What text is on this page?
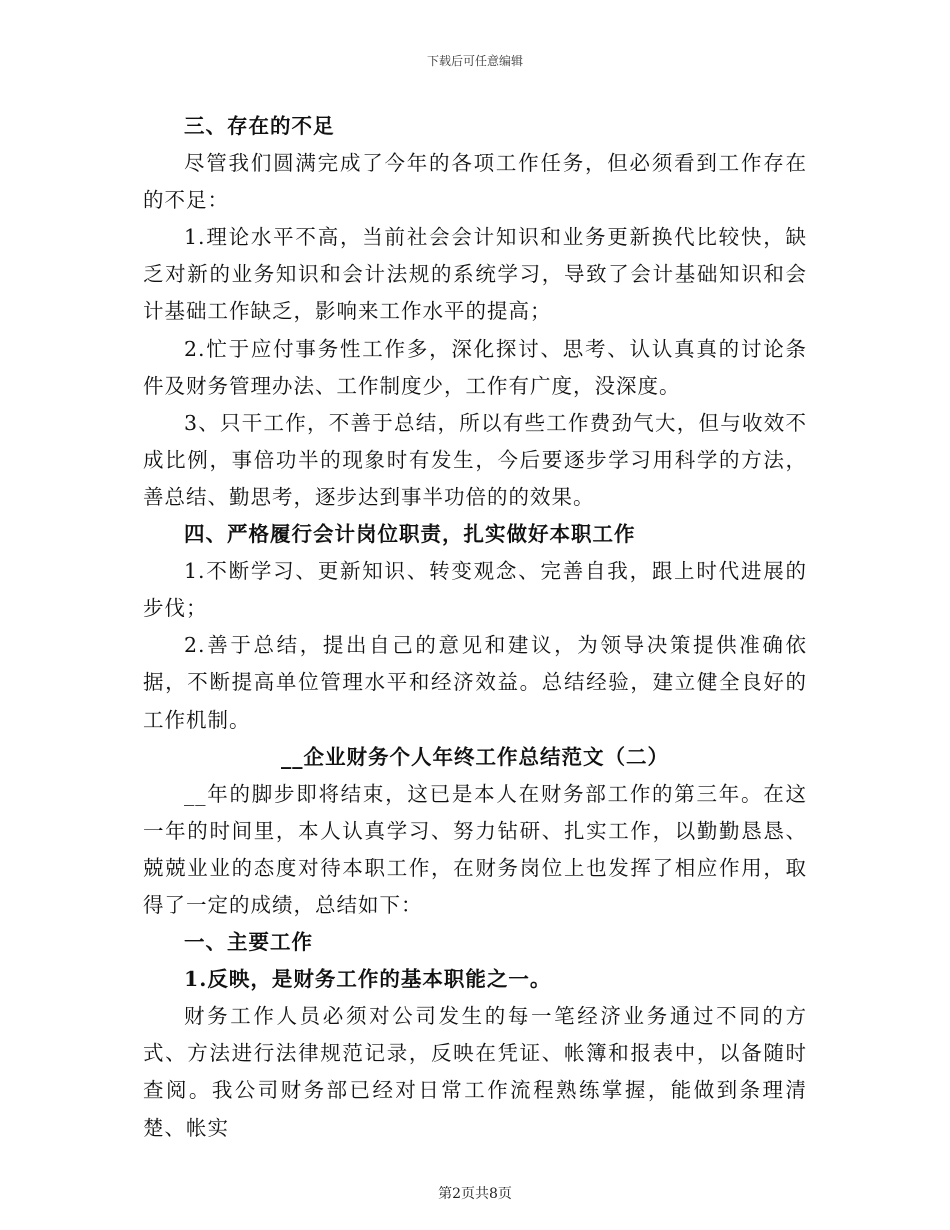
下载后可任意编辑

三、存在的不足

尽管我们圆满完成了今年的各项工作任务，但必须看到工作存在的不足：

1.理论水平不高，当前社会会计知识和业务更新换代比较快，缺乏对新的业务知识和会计法规的系统学习，导致了会计基础知识和会计基础工作缺乏，影响来工作水平的提高；

2.忙于应付事务性工作多，深化探讨、思考、认认真真的讨论条件及财务管理办法、工作制度少，工作有广度，没深度。

3、只干工作，不善于总结，所以有些工作费劲气大，但与收效不成比例，事倍功半的现象时有发生，今后要逐步学习用科学的方法，善总结、勤思考，逐步达到事半功倍的的效果。

四、严格履行会计岗位职责，扎实做好本职工作

1.不断学习、更新知识、转变观念、完善自我，跟上时代进展的步伐；

2.善于总结，提出自己的意见和建议，为领导决策提供准确依据，不断提高单位管理水平和经济效益。总结经验，建立健全良好的工作机制。

__企业财务个人年终工作总结范文（二）

__年的脚步即将结束，这已是本人在财务部工作的第三年。在这一年的时间里，本人认真学习、努力钻研、扎实工作，以勤勤恳恳、兢兢业业的态度对待本职工作，在财务岗位上也发挥了相应作用，取得了一定的成绩，总结如下：

一、主要工作

1.反映，是财务工作的基本职能之一。

财务工作人员必须对公司发生的每一笔经济业务通过不同的方式、方法进行法律规范记录，反映在凭证、帐簿和报表中，以备随时查阅。我公司财务部已经对日常工作流程熟练掌握，能做到条理清楚、帐实

第2页共8页
